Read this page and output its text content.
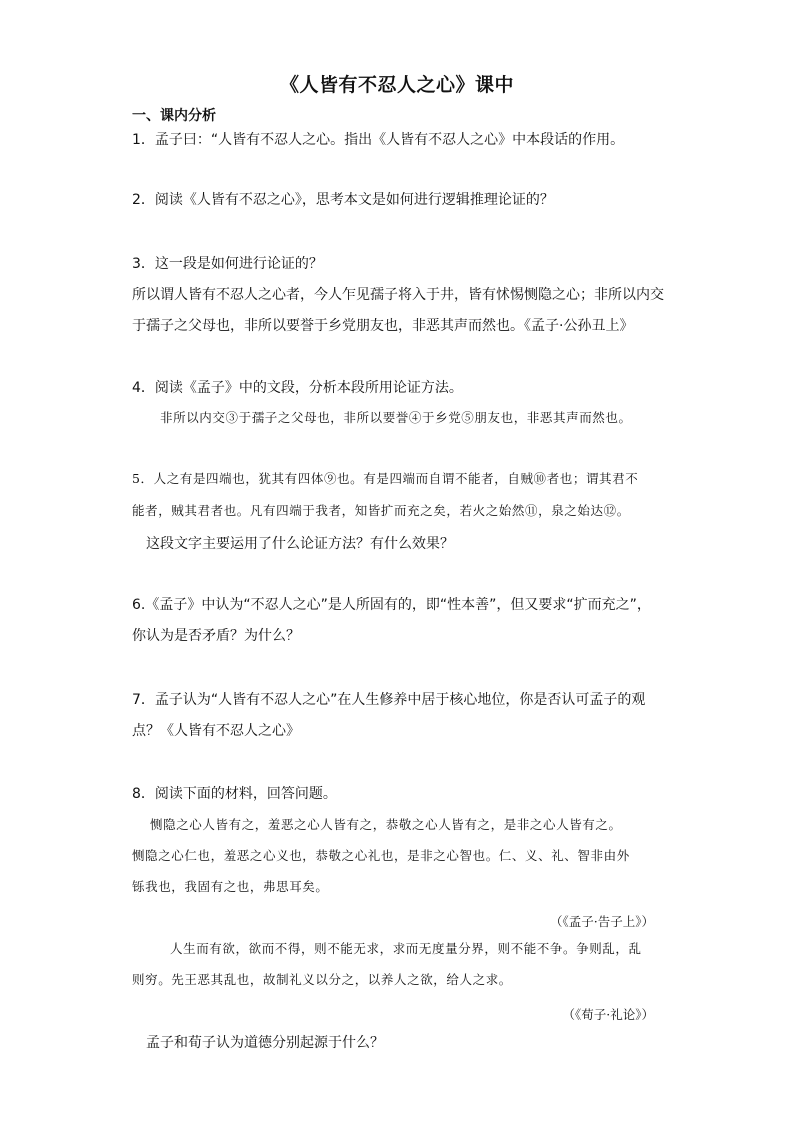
《人皆有不忍人之心》课中
一、课内分析
1．孟子曰：“人皆有不忍人之心。指出《人皆有不忍人之心》中本段话的作用。
2．阅读《人皆有不忍之心》，思考本文是如何进行逻辑推理论证的？
3．这一段是如何进行论证的？
所以谓人皆有不忍人之心者，今人乍见孺子将入于井，皆有怵惕恻隐之心；非所以内交
于孺子之父母也，非所以要誉于乡党朋友也，非恶其声而然也。《孟子·公孙丑上》
4．阅读《孟子》中的文段，分析本段所用论证方法。
非所以内交③于孺子之父母也，非所以要誉④于乡党⑤朋友也，非恶其声而然也。
5．人之有是四端也，犹其有四体⑨也。有是四端而自谓不能者，自贼⑩者也；谓其君不
能者，贼其君者也。凡有四端于我者，知皆扩而充之矣，若火之始然⑪，泉之始达⑫。
这段文字主要运用了什么论证方法？有什么效果？
6.《孟子》中认为“不忍人之心”是人所固有的，即“性本善”，但又要求“扩而充之”，
你认为是否矛盾？为什么？
7．孟子认为“人皆有不忍人之心”在人生修养中居于核心地位，你是否认可孟子的观
点？《人皆有不忍人之心》
8．阅读下面的材料，回答问题。
恻隐之心人皆有之，羞恶之心人皆有之，恭敬之心人皆有之，是非之心人皆有之。
恻隐之心仁也，羞恶之心义也，恭敬之心礼也，是非之心智也。仁、义、礼、智非由外
铄我也，我固有之也，弗思耳矣。
（《孟子·告子上》）
人生而有欲，欲而不得，则不能无求，求而无度量分界，则不能不争。争则乱，乱
则穷。先王恶其乱也，故制礼义以分之，以养人之欲，给人之求。
（《荀子·礼论》）
孟子和荀子认为道德分别起源于什么？
